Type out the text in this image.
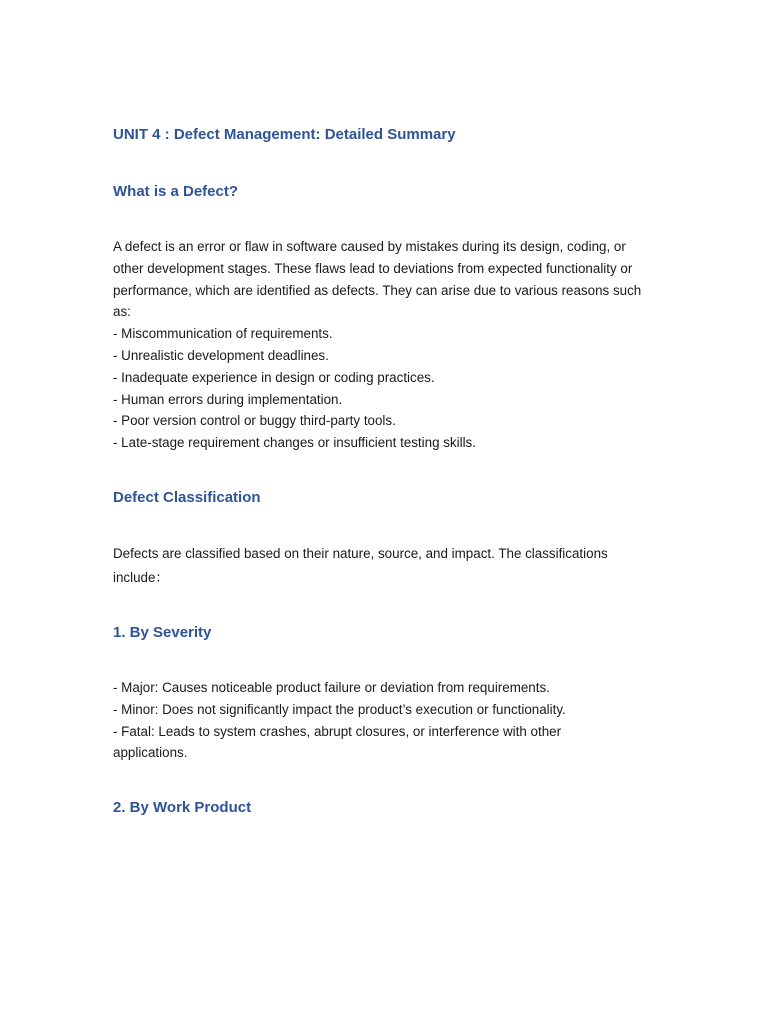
UNIT 4 : Defect Management: Detailed Summary
What is a Defect?

A defect is an error or flaw in software caused by mistakes during its design, coding, or
other development stages. These flaws lead to deviations from expected functionality or
performance, which are identified as defects. They can arise due to various reasons such
as:

- Miscommunication of requirements.
- Unrealistic development deadlines.
- Inadequate experience in design or coding practices.
- Human errors during implementation.
- Poor version control or buggy third-party tools.
- Late-stage requirement changes or insufficient testing skills.
Defect Classification

Defects are classified based on their nature, source, and impact. The classifications
include：

1. By Severity
- Major: Causes noticeable product failure or deviation from requirements.
- Minor: Does not significantly impact the product’s execution or functionality.
- Fatal: Leads to system crashes, abrupt closures, or interference with other
applications.
2. By Work Product
